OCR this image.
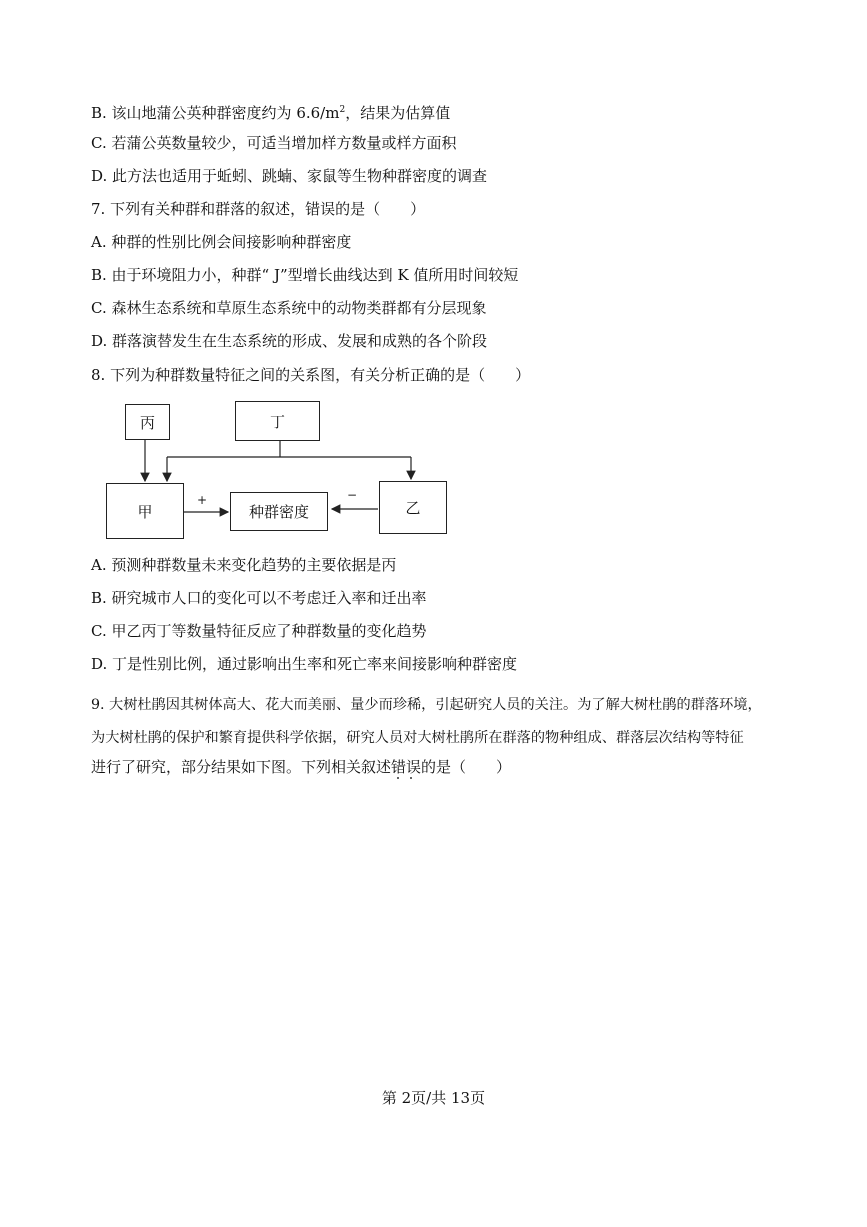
B. 该山地蒲公英种群密度约为 $6.6/m^2$，结果为估算值
C. 若蒲公英数量较少，可适当增加样方数量或样方面积
D. 此方法也适用于蚯蚓、跳蝻、家鼠等生物种群密度的调查
7. 下列有关种群和群落的叙述，错误的是（　　）
A. 种群的性别比例会间接影响种群密度
B. 由于环境阻力小，种群“ J”型增长曲线达到 K 值所用时间较短
C. 森林生态系统和草原生态系统中的动物类群都有分层现象
D. 群落演替发生在生态系统的形成、发展和成熟的各个阶段
8. 下列为种群数量特征之间的关系图，有关分析正确的是（　　）
丙	丁
甲	种群密度	乙
+	−
A. 预测种群数量未来变化趋势的主要依据是丙
B. 研究城市人口的变化可以不考虑迁入率和迁出率
C. 甲乙丙丁等数量特征反应了种群数量的变化趋势
D. 丁是性别比例，通过影响出生率和死亡率来间接影响种群密度
9. 大树杜鹃因其树体高大、花大而美丽、量少而珍稀，引起研究人员的关注。为了解大树杜鹃的群落环境，
为大树杜鹃的保护和繁育提供科学依据，研究人员对大树杜鹃所在群落的物种组成、群落层次结构等特征
进行了研究，部分结果如下图。下列相关叙述错误的是（　　）
第 2页/共 13页
